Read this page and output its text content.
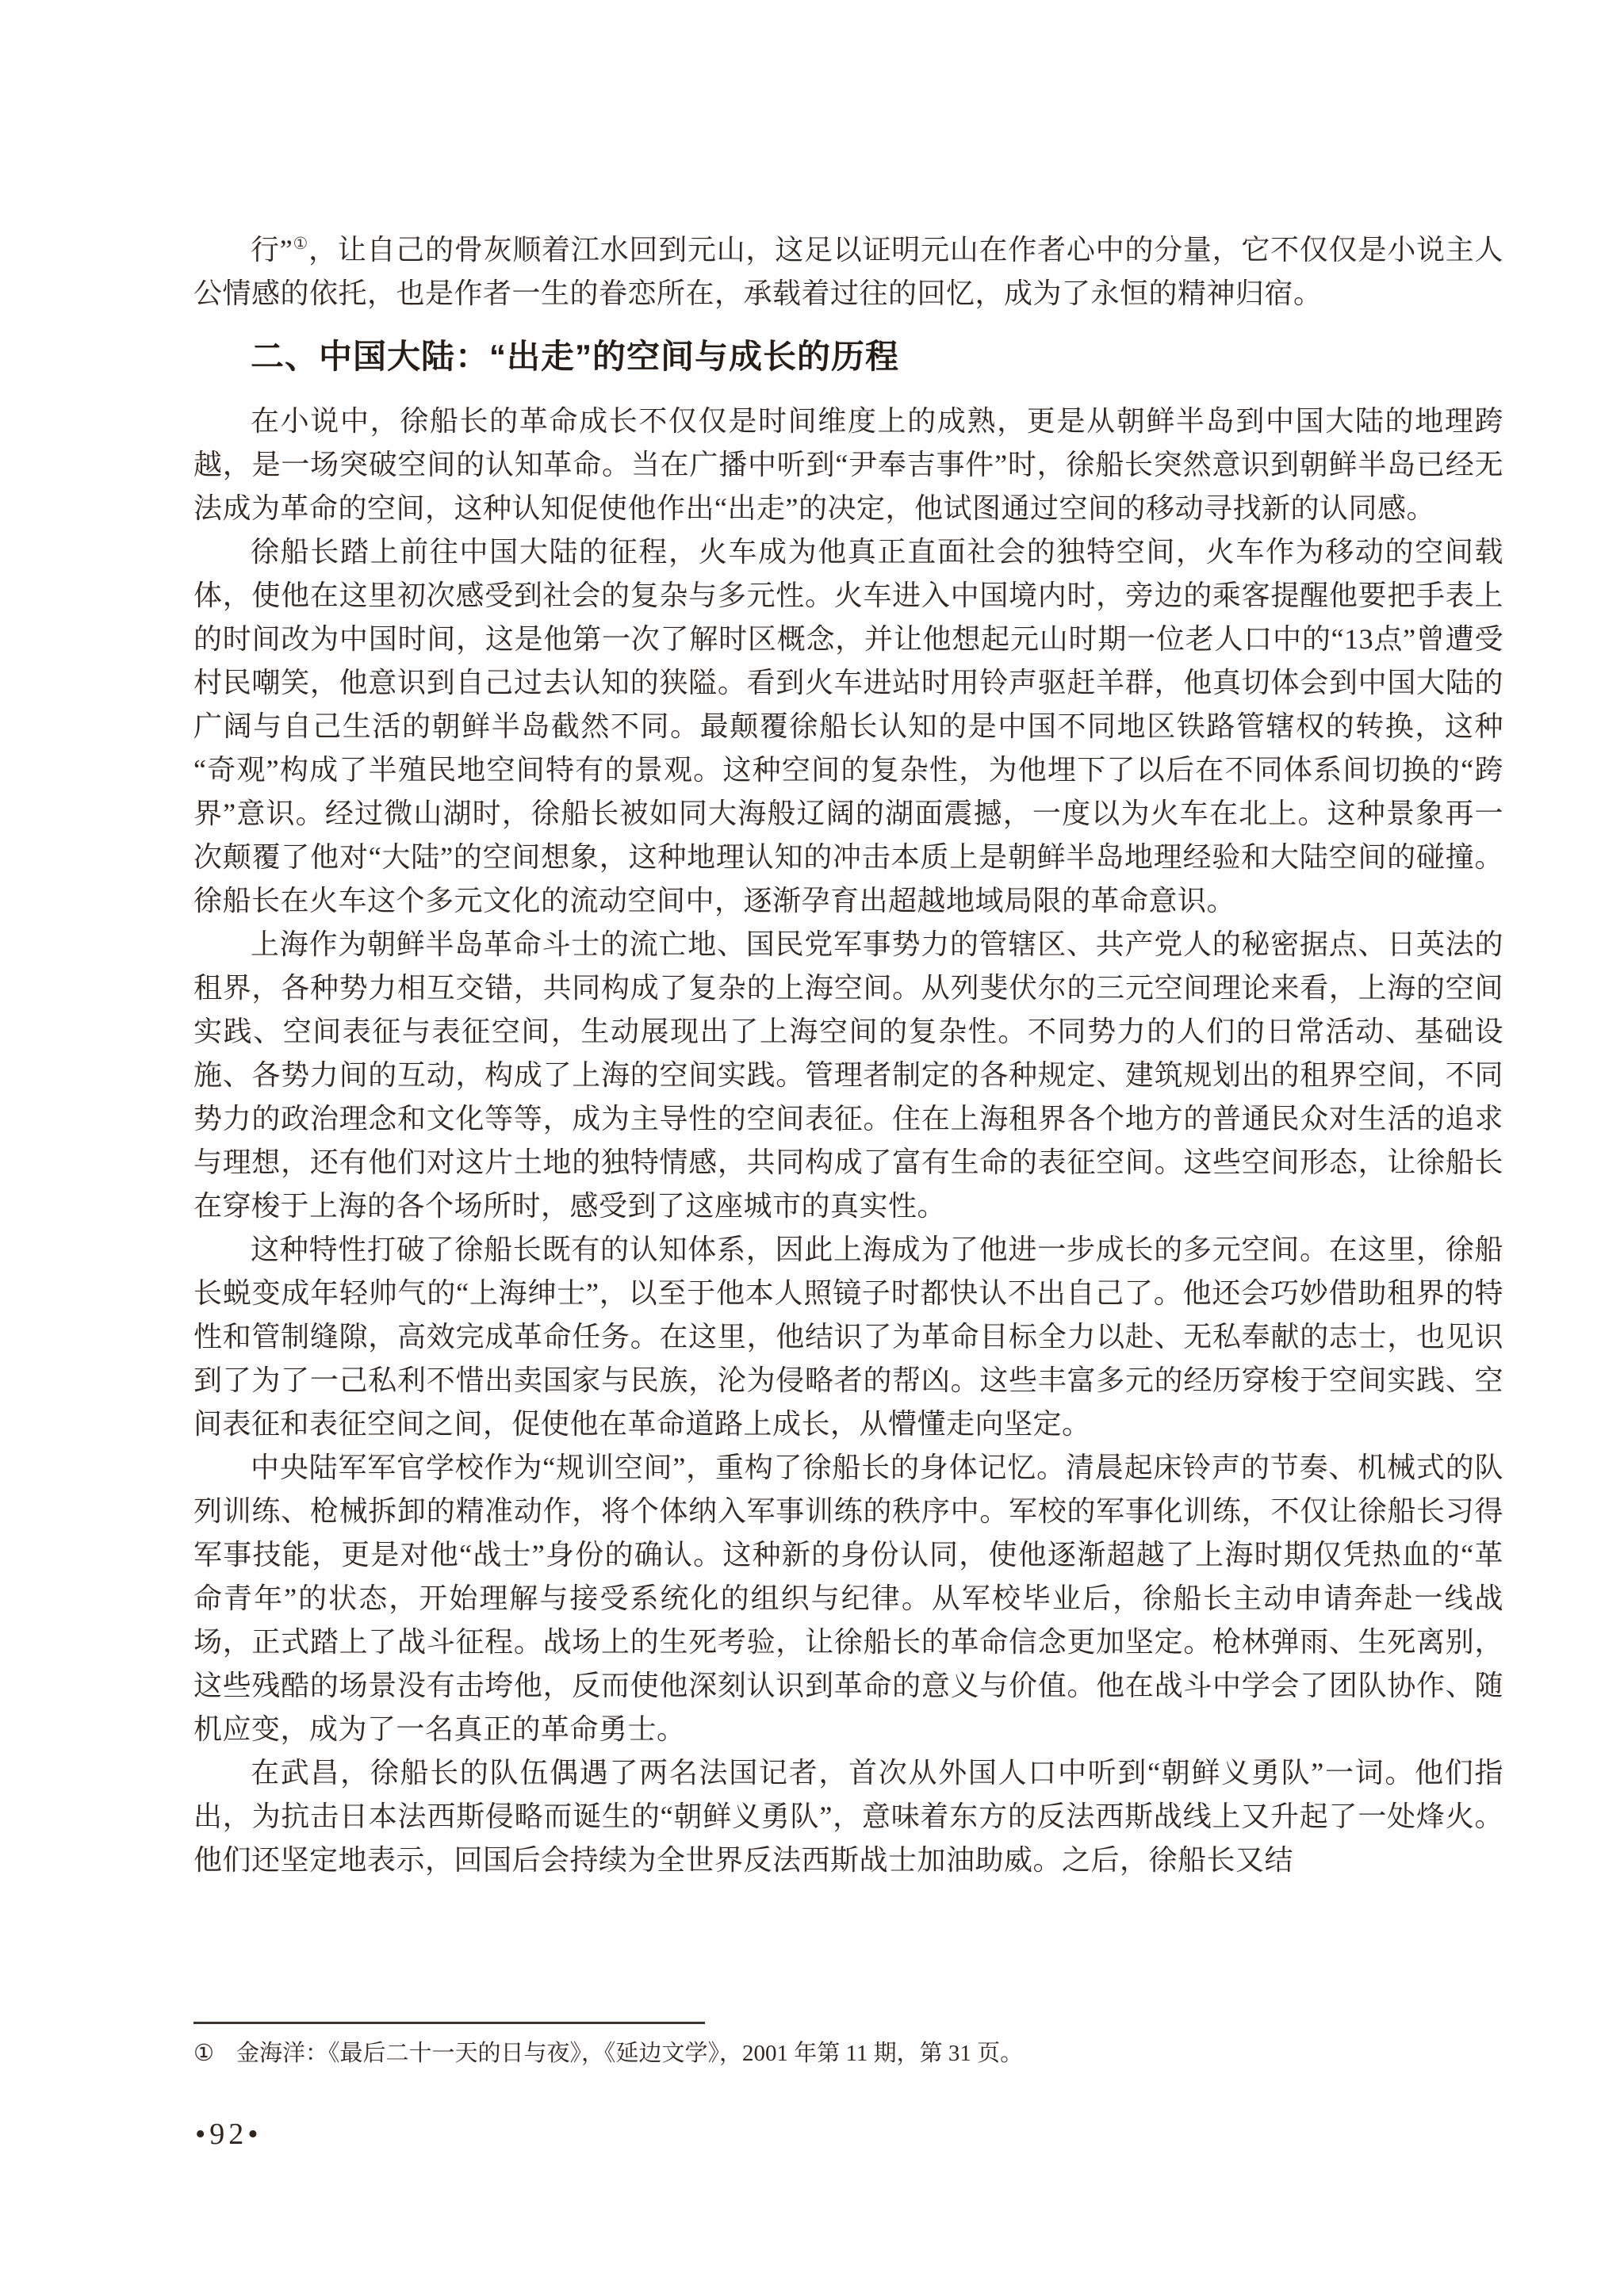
行”①，让自己的骨灰顺着江水回到元山，这足以证明元山在作者心中的分量，它不仅仅是小说主人公情感的依托，也是作者一生的眷恋所在，承载着过往的回忆，成为了永恒的精神归宿。

二、中国大陆：“出走”的空间与成长的历程

在小说中，徐船长的革命成长不仅仅是时间维度上的成熟，更是从朝鲜半岛到中国大陆的地理跨越，是一场突破空间的认知革命。当在广播中听到“尹奉吉事件”时，徐船长突然意识到朝鲜半岛已经无法成为革命的空间，这种认知促使他作出“出走”的决定，他试图通过空间的移动寻找新的认同感。

徐船长踏上前往中国大陆的征程，火车成为他真正直面社会的独特空间，火车作为移动的空间载体，使他在这里初次感受到社会的复杂与多元性。火车进入中国境内时，旁边的乘客提醒他要把手表上的时间改为中国时间，这是他第一次了解时区概念，并让他想起元山时期一位老人口中的“13点”曾遭受村民嘲笑，他意识到自己过去认知的狭隘。看到火车进站时用铃声驱赶羊群，他真切体会到中国大陆的广阔与自己生活的朝鲜半岛截然不同。最颠覆徐船长认知的是中国不同地区铁路管辖权的转换，这种“奇观”构成了半殖民地空间特有的景观。这种空间的复杂性，为他埋下了以后在不同体系间切换的“跨界”意识。经过微山湖时，徐船长被如同大海般辽阔的湖面震撼，一度以为火车在北上。这种景象再一次颠覆了他对“大陆”的空间想象，这种地理认知的冲击本质上是朝鲜半岛地理经验和大陆空间的碰撞。徐船长在火车这个多元文化的流动空间中，逐渐孕育出超越地域局限的革命意识。

上海作为朝鲜半岛革命斗士的流亡地、国民党军事势力的管辖区、共产党人的秘密据点、日英法的租界，各种势力相互交错，共同构成了复杂的上海空间。从列斐伏尔的三元空间理论来看，上海的空间实践、空间表征与表征空间，生动展现出了上海空间的复杂性。不同势力的人们的日常活动、基础设施、各势力间的互动，构成了上海的空间实践。管理者制定的各种规定、建筑规划出的租界空间，不同势力的政治理念和文化等等，成为主导性的空间表征。住在上海租界各个地方的普通民众对生活的追求与理想，还有他们对这片土地的独特情感，共同构成了富有生命的表征空间。这些空间形态，让徐船长在穿梭于上海的各个场所时，感受到了这座城市的真实性。

这种特性打破了徐船长既有的认知体系，因此上海成为了他进一步成长的多元空间。在这里，徐船长蜕变成年轻帅气的“上海绅士”，以至于他本人照镜子时都快认不出自己了。他还会巧妙借助租界的特性和管制缝隙，高效完成革命任务。在这里，他结识了为革命目标全力以赴、无私奉献的志士，也见识到了为了一己私利不惜出卖国家与民族，沦为侵略者的帮凶。这些丰富多元的经历穿梭于空间实践、空间表征和表征空间之间，促使他在革命道路上成长，从懵懂走向坚定。

中央陆军军官学校作为“规训空间”，重构了徐船长的身体记忆。清晨起床铃声的节奏、机械式的队列训练、枪械拆卸的精准动作，将个体纳入军事训练的秩序中。军校的军事化训练，不仅让徐船长习得军事技能，更是对他“战士”身份的确认。这种新的身份认同，使他逐渐超越了上海时期仅凭热血的“革命青年”的状态，开始理解与接受系统化的组织与纪律。从军校毕业后，徐船长主动申请奔赴一线战场，正式踏上了战斗征程。战场上的生死考验，让徐船长的革命信念更加坚定。枪林弹雨、生死离别，这些残酷的场景没有击垮他，反而使他深刻认识到革命的意义与价值。他在战斗中学会了团队协作、随机应变，成为了一名真正的革命勇士。

在武昌，徐船长的队伍偶遇了两名法国记者，首次从外国人口中听到“朝鲜义勇队”一词。他们指出，为抗击日本法西斯侵略而诞生的“朝鲜义勇队”，意味着东方的反法西斯战线上又升起了一处烽火。他们还坚定地表示，回国后会持续为全世界反法西斯战士加油助威。之后，徐船长又结

① 金海洋：《最后二十一天的日与夜》，《延边文学》，2001 年第 11 期，第 31 页。

•92•
